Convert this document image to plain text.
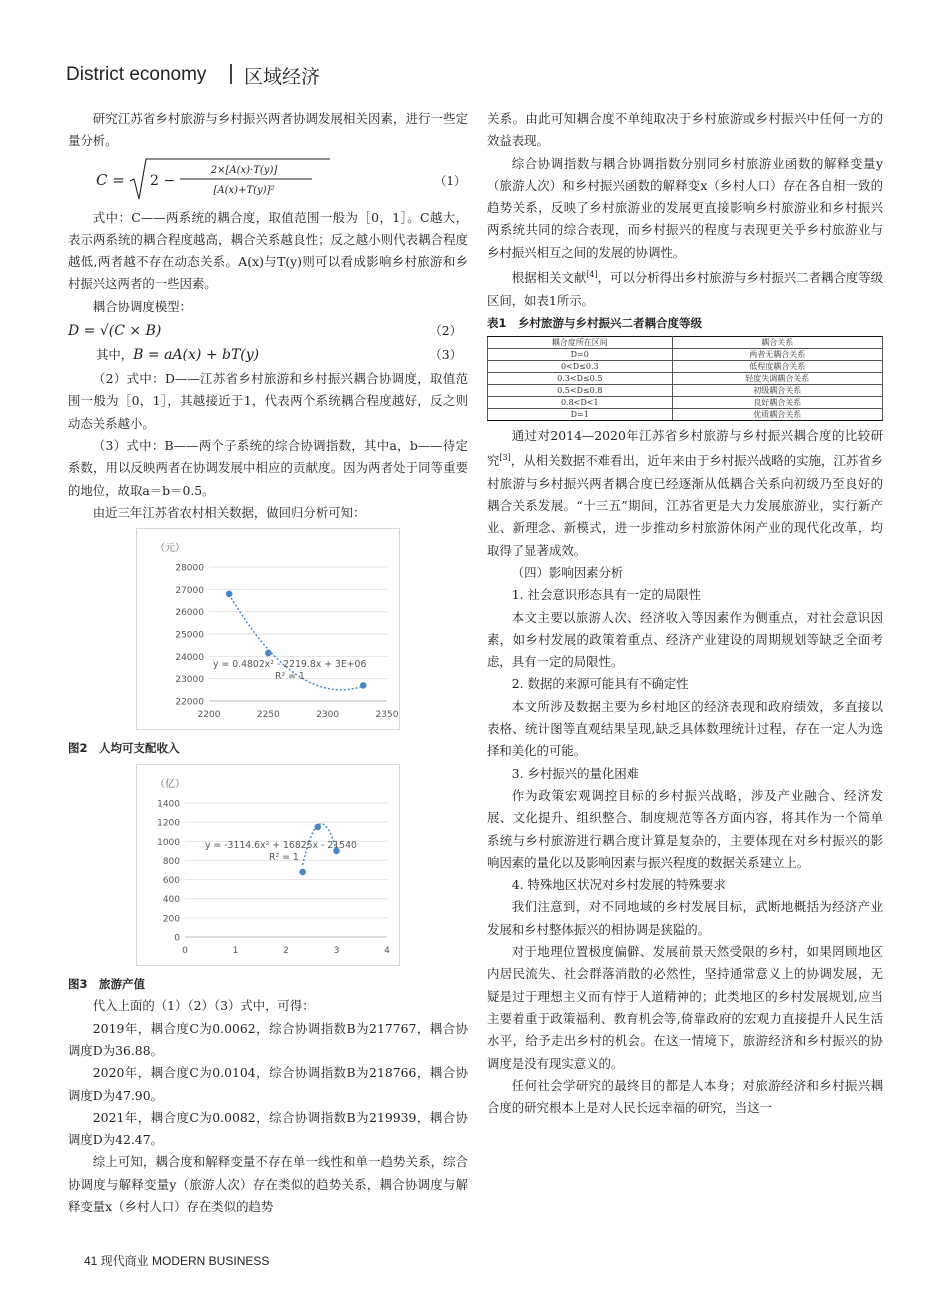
District economy 区域经济

研究江苏省乡村旅游与乡村振兴两者协调发展相关因素，进行一些定量分析。

C = 2 −
2×[A(x)·T(y)]
[A(x)+T(y)]²
（1）

式中：C——两系统的耦合度，取值范围一般为［0，1］。C越大，表示两系统的耦合程度越高，耦合关系越良性；反之越小则代表耦合程度越低,两者越不存在动态关系。A(x)与T(y)则可以看成影响乡村旅游和乡村振兴这两者的一些因素。

耦合协调度模型：

D = √(C × B)	（2）
其中，B = aA(x) + bT(y)	（3）

（2）式中：D——江苏省乡村旅游和乡村振兴耦合协调度，取值范围一般为［0，1］，其越接近于1，代表两个系统耦合程度越好，反之则动态关系越小。

（3）式中：B——两个子系统的综合协调指数，其中a，b——待定系数，用以反映两者在协调发展中相应的贡献度。因为两者处于同等重要的地位，故取a＝b＝0.5。

由近三年江苏省农村相关数据，做回归分析可知：

（元）
22000
23000
24000
25000
26000
27000
28000
2200	2250	2300	2350
y = 0.4802x² - 2219.8x + 3E+06
R² = 1

图2　人均可支配收入

（亿）
0
200
400
600
800
1000
1200
1400
0	1	2	3	4
y = -3114.6x² + 16825x - 21540
R² = 1

图3　旅游产值

代入上面的（1）（2）（3）式中，可得：

2019年，耦合度C为0.0062，综合协调指数B为217767，耦合协调度D为36.88。

2020年，耦合度C为0.0104，综合协调指数B为218766，耦合协调度D为47.90。

2021年，耦合度C为0.0082，综合协调指数B为219939，耦合协调度D为42.47。

综上可知，耦合度和解释变量不存在单一线性和单一趋势关系，综合协调度与解释变量y（旅游人次）存在类似的趋势关系，耦合协调度与解释变量x（乡村人口）存在类似的趋势

关系。由此可知耦合度不单纯取决于乡村旅游或乡村振兴中任何一方的效益表现。

综合协调指数与耦合协调指数分别同乡村旅游业函数的解释变量y（旅游人次）和乡村振兴函数的解释变x（乡村人口）存在各自相一致的趋势关系，反映了乡村旅游业的发展更直接影响乡村旅游业和乡村振兴两系统共同的综合表现，而乡村振兴的程度与表现更关乎乡村旅游业与乡村振兴相互之间的发展的协调性。

根据相关文献[4]，可以分析得出乡村旅游与乡村振兴二者耦合度等级区间，如表1所示。

表1　乡村旅游与乡村振兴二者耦合度等级

耦合度所在区间	耦合关系
D=0	两者无耦合关系
0<D≤0.3	低程度耦合关系
0.3<D≤0.5	轻度失调耦合关系
0.5<D≤0.8	初级耦合关系
0.8<D<1	良好耦合关系
D=1	优质耦合关系

通过对2014—2020年江苏省乡村旅游与乡村振兴耦合度的比较研究[3]，从相关数据不难看出，近年来由于乡村振兴战略的实施，江苏省乡村旅游与乡村振兴两者耦合度已经逐渐从低耦合关系向初级乃至良好的耦合关系发展。“十三五”期间，江苏省更是大力发展旅游业，实行新产业、新理念、新模式，进一步推动乡村旅游休闲产业的现代化改革，均取得了显著成效。

（四）影响因素分析

1. 社会意识形态具有一定的局限性

本文主要以旅游人次、经济收入等因素作为侧重点，对社会意识因素，如乡村发展的政策着重点、经济产业建设的周期规划等缺乏全面考虑，具有一定的局限性。

2. 数据的来源可能具有不确定性

本文所涉及数据主要为乡村地区的经济表现和政府绩效，多直接以表格、统计图等直观结果呈现,缺乏具体数理统计过程，存在一定人为选择和美化的可能。

3. 乡村振兴的量化困难

作为政策宏观调控目标的乡村振兴战略，涉及产业融合、经济发展、文化提升、组织整合、制度规范等各方面内容，将其作为一个简单系统与乡村旅游进行耦合度计算是复杂的，主要体现在对乡村振兴的影响因素的量化以及影响因素与振兴程度的数据关系建立上。

4. 特殊地区状况对乡村发展的特殊要求

我们注意到，对不同地域的乡村发展目标，武断地概括为经济产业发展和乡村整体振兴的相协调是狭隘的。

对于地理位置极度偏僻、发展前景天然受限的乡村，如果罔顾地区内居民流失、社会群落消散的必然性，坚持通常意义上的协调发展，无疑是过于理想主义而有悖于人道精神的；此类地区的乡村发展规划,应当主要着重于政策福利、教育机会等,倚靠政府的宏观力直接提升人民生活水平，给予走出乡村的机会。在这一情境下，旅游经济和乡村振兴的协调度是没有现实意义的。

任何社会学研究的最终目的都是人本身；对旅游经济和乡村振兴耦合度的研究根本上是对人民长远幸福的研究，当这一

41 现代商业 MODERN BUSINESS
